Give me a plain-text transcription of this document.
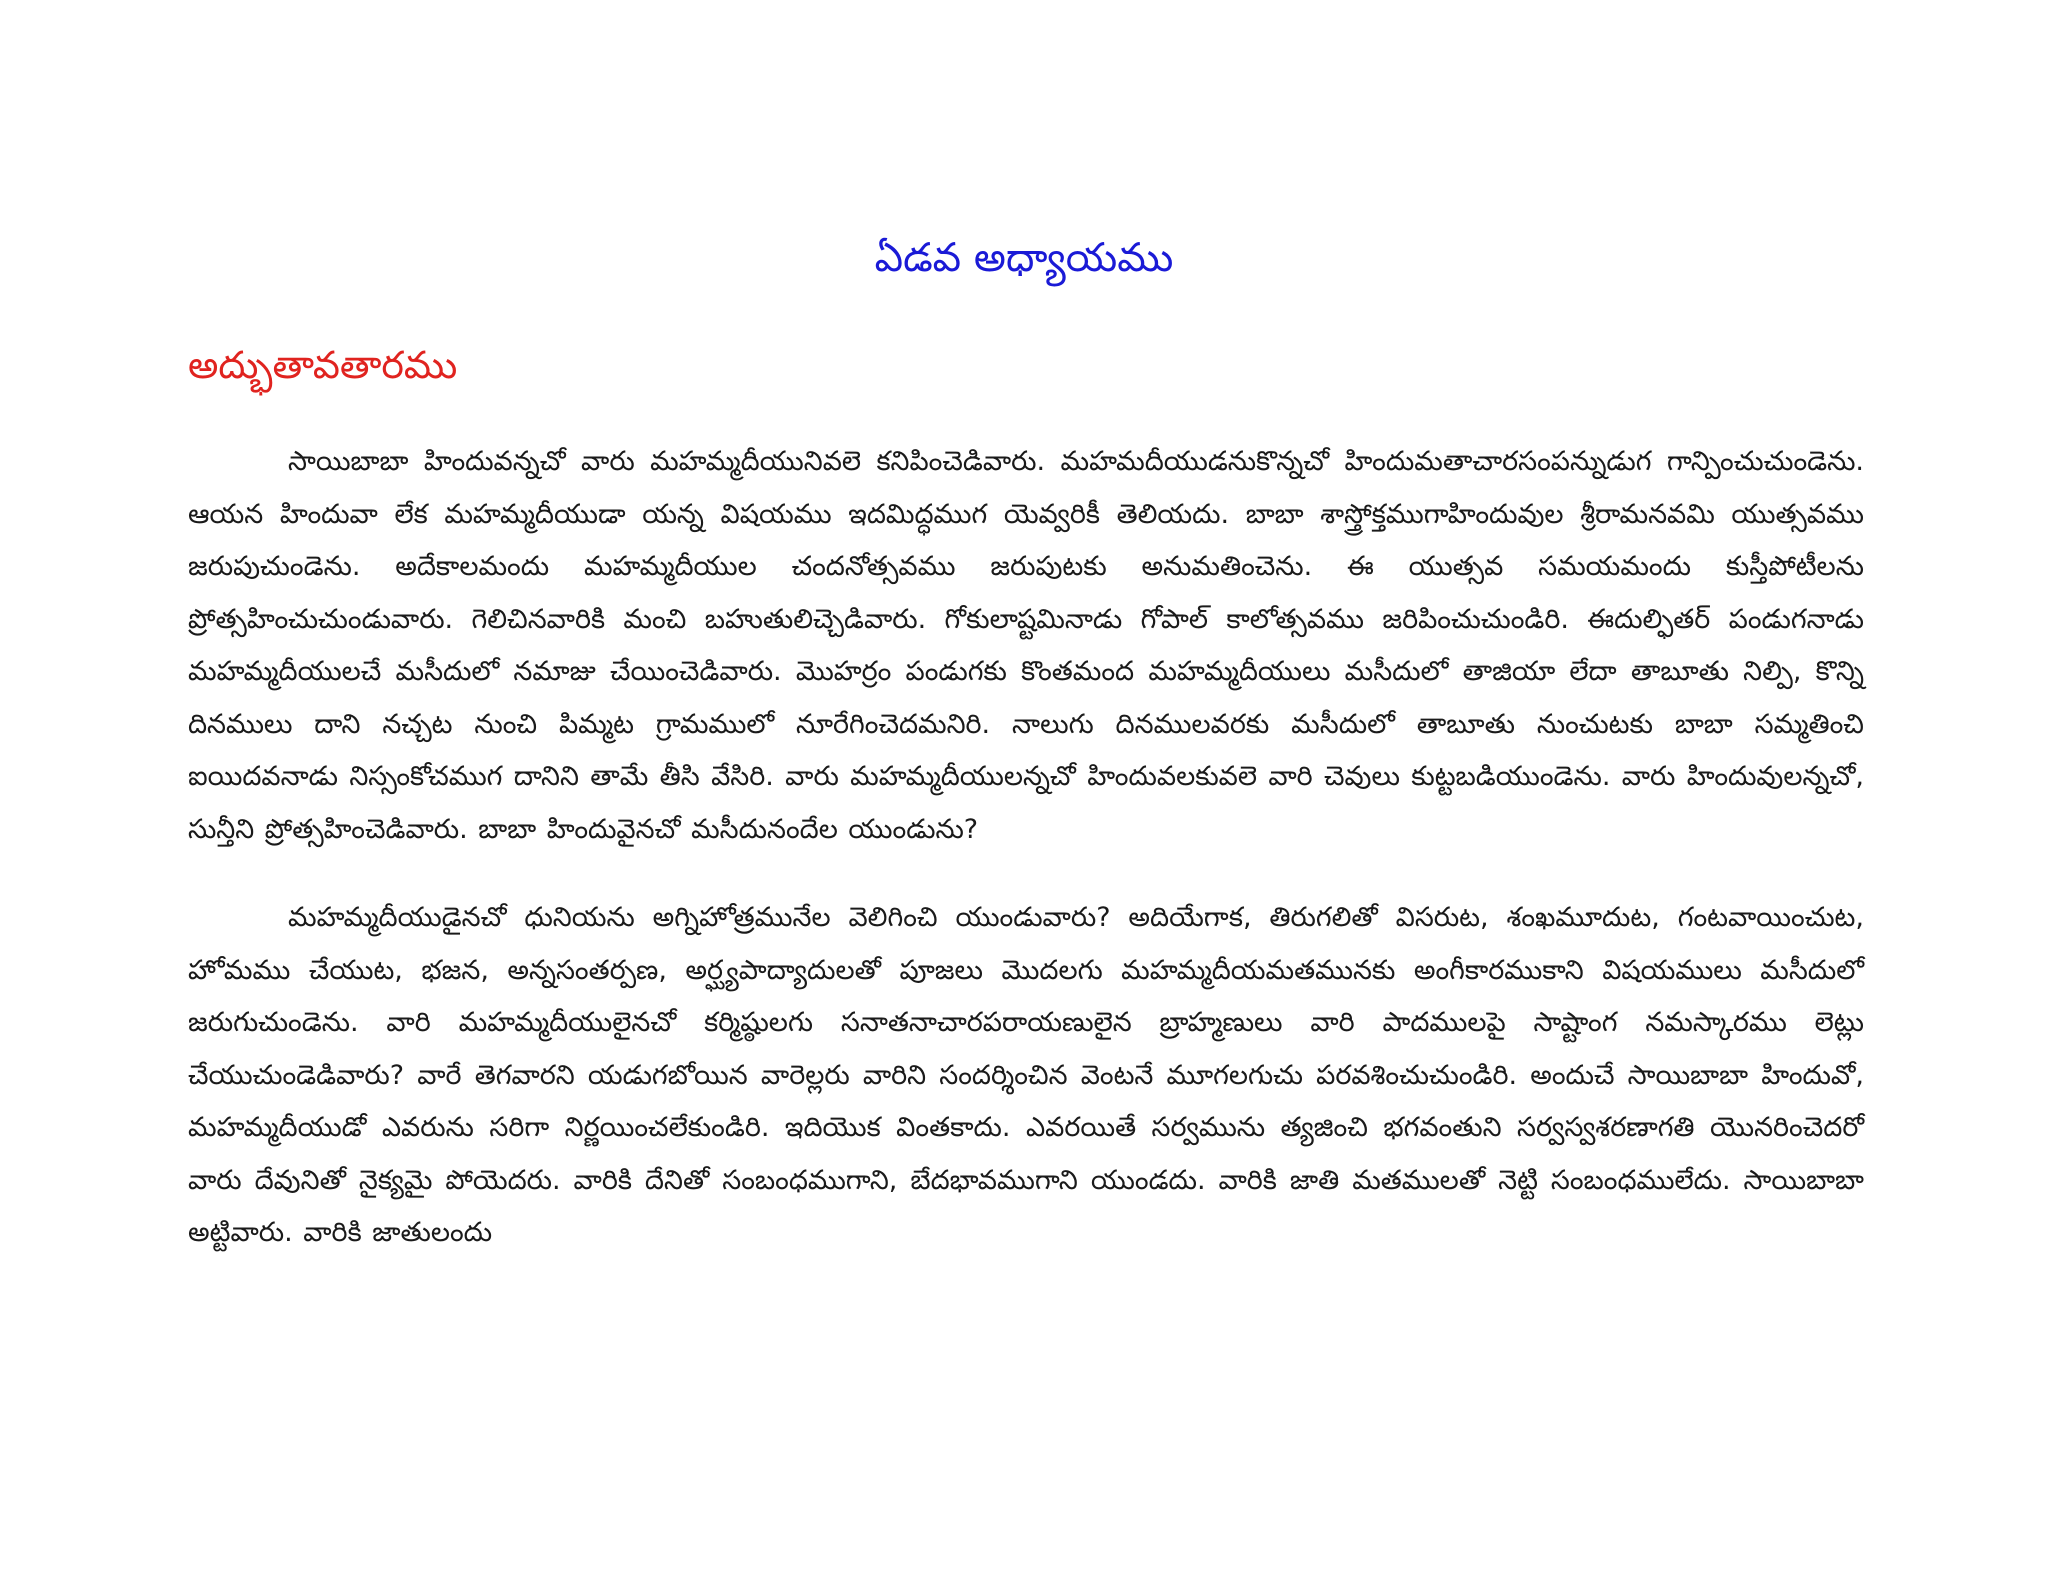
ఏడవ అధ్యాయము
అద్భుతావతారము

సాయిబాబా హిందువన్నచో వారు మహమ్మదీయునివలె కనిపించెడివారు. మహమదీయుడనుకొన్నచో హిందుమతాచారసంపన్నుడుగ గాన్పించుచుండెను. ఆయన హిందువా లేక మహమ్మదీయుడా యన్న విషయము ఇదమిద్ధముగ యెవ్వరికీ తెలియదు. బాబా శాస్త్రోక్తముగాహిందువుల శ్రీరామనవమి యుత్సవము జరుపుచుండెను. అదేకాలమందు మహమ్మదీయుల చందనోత్సవము జరుపుటకు అనుమతించెను. ఈ యుత్సవ సమయమందు కుస్తీపోటీలను ప్రోత్సహించుచుండువారు. గెలిచినవారికి మంచి బహుతులిచ్చెడివారు. గోకులాష్టమినాడు గోపాల్ కాలోత్సవము జరిపించుచుండిరి. ఈదుల్ఫితర్ పండుగనాడు మహమ్మదీయులచే మసీదులో నమాజు చేయించెడివారు. మొహర్రం పండుగకు కొంతమంద మహమ్మదీయులు మసీదులో తాజియా లేదా తాబూతు నిల్పి, కొన్ని దినములు దాని నచ్చట నుంచి పిమ్మట గ్రామములో నూరేగించెదమనిరి. నాలుగు దినములవరకు మసీదులో తాబూతు నుంచుటకు బాబా సమ్మతించి ఐయిదవనాడు నిస్సంకోచముగ దానిని తామే తీసి వేసిరి. వారు మహమ్మదీయులన్నచో హిందువలకువలె వారి చెవులు కుట్టబడియుండెను. వారు హిందువులన్నచో, సున్తీని ప్రోత్సహించెడివారు. బాబా హిందువైనచో మసీదునందేల యుండును?

మహమ్మదీయుడైనచో ధునియను అగ్నిహోత్రమునేల వెలిగించి యుండువారు? అదియేగాక, తిరుగలితో విసరుట, శంఖమూదుట, గంటవాయించుట, హోమము చేయుట, భజన, అన్నసంతర్పణ, అర్ఘ్యపాద్యాదులతో పూజలు మొదలగు మహమ్మదీయమతమునకు అంగీకారముకాని విషయములు మసీదులో జరుగుచుండెను. వారి మహమ్మదీయులైనచో కర్మిష్ఠులగు సనాతనాచారపరాయణులైన బ్రాహ్మణులు వారి పాదములపై సాష్టాంగ నమస్కారము లెట్లు చేయుచుండెడివారు? వారే తెగవారని యడుగబోయిన వారెల్లరు వారిని సందర్శించిన వెంటనే మూగలగుచు పరవశించుచుండిరి. అందుచే సాయిబాబా హిందువో, మహమ్మదీయుడో ఎవరును సరిగా నిర్ణయించలేకుండిరి. ఇదియొక వింతకాదు. ఎవరయితే సర్వమును త్యజించి భగవంతుని సర్వస్వశరణాగతి యొనరించెదరో వారు దేవునితో నైక్యమై పోయెదరు. వారికి దేనితో సంబంధముగాని, బేదభావముగాని యుండదు. వారికి జాతి మతములతో నెట్టి సంబంధములేదు. సాయిబాబా అట్టివారు. వారికి జాతులందు
